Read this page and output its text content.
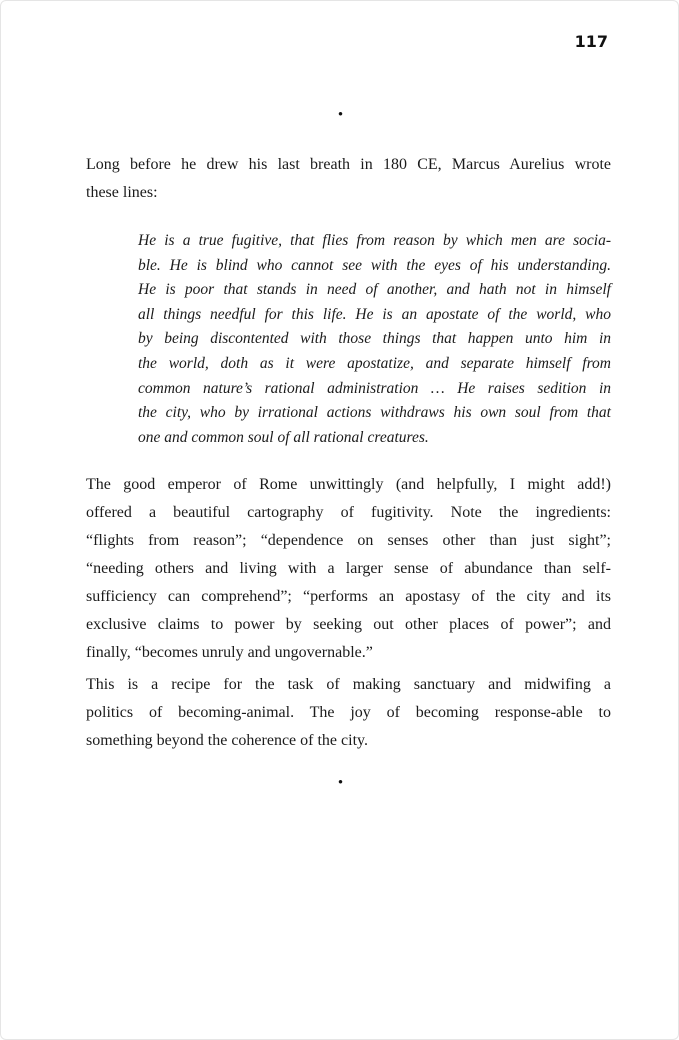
117
•
Long before he drew his last breath in 180 CE, Marcus Aurelius wrote
these lines:
He is a true fugitive, that flies from reason by which men are socia-
ble. He is blind who cannot see with the eyes of his understanding.
He is poor that stands in need of another, and hath not in himself
all things needful for this life. He is an apostate of the world, who
by being discontented with those things that happen unto him in
the world, doth as it were apostatize, and separate himself from
common nature’s rational administration … He raises sedition in
the city, who by irrational actions withdraws his own soul from that
one and common soul of all rational creatures.
The good emperor of Rome unwittingly (and helpfully, I might add!)
offered a beautiful cartography of fugitivity. Note the ingredients:
“flights from reason”; “dependence on senses other than just sight”;
“needing others and living with a larger sense of abundance than self-
sufficiency can comprehend”; “performs an apostasy of the city and its
exclusive claims to power by seeking out other places of power”; and
finally, “becomes unruly and ungovernable.”
This is a recipe for the task of making sanctuary and midwifing a
politics of becoming-animal. The joy of becoming response-able to
something beyond the coherence of the city.
•
